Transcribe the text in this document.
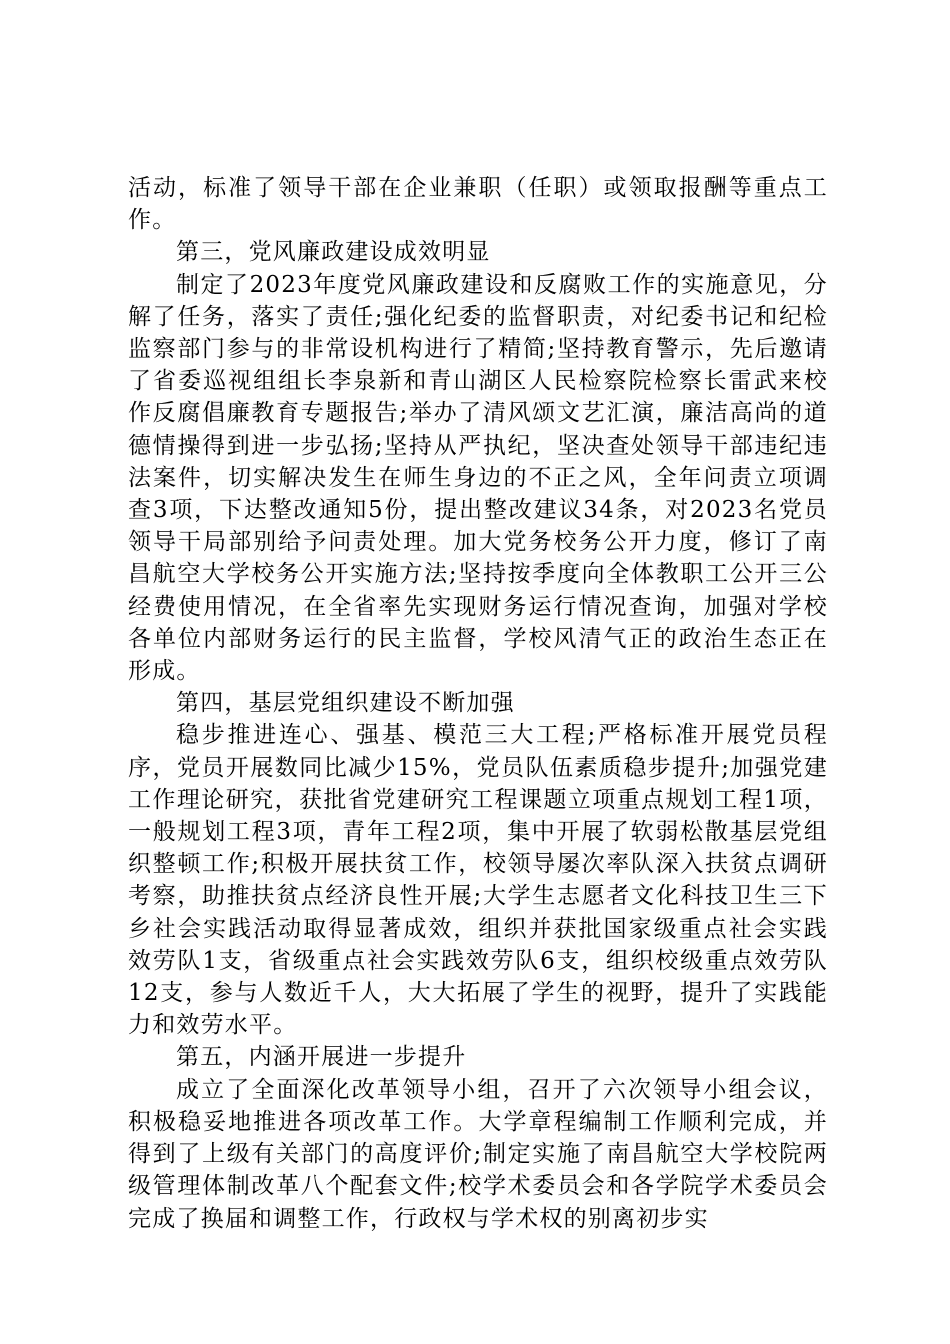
活动，标准了领导干部在企业兼职（任职）或领取报酬等重点工作。

第三，党风廉政建设成效明显

制定了2023年度党风廉政建设和反腐败工作的实施意见，分解了任务，落实了责任;强化纪委的监督职责，对纪委书记和纪检监察部门参与的非常设机构进行了精简;坚持教育警示，先后邀请了省委巡视组组长李泉新和青山湖区人民检察院检察长雷武来校作反腐倡廉教育专题报告;举办了清风颂文艺汇演，廉洁高尚的道德情操得到进一步弘扬;坚持从严执纪，坚决查处领导干部违纪违法案件，切实解决发生在师生身边的不正之风，全年问责立项调查3项，下达整改通知5份，提出整改建议34条，对2023名党员领导干局部别给予问责处理。加大党务校务公开力度，修订了南昌航空大学校务公开实施方法;坚持按季度向全体教职工公开三公经费使用情况，在全省率先实现财务运行情况查询，加强对学校各单位内部财务运行的民主监督，学校风清气正的政治生态正在形成。

第四，基层党组织建设不断加强

稳步推进连心、强基、模范三大工程;严格标准开展党员程序，党员开展数同比减少15%，党员队伍素质稳步提升;加强党建工作理论研究，获批省党建研究工程课题立项重点规划工程1项，一般规划工程3项，青年工程2项，集中开展了软弱松散基层党组织整顿工作;积极开展扶贫工作，校领导屡次率队深入扶贫点调研考察，助推扶贫点经济良性开展;大学生志愿者文化科技卫生三下乡社会实践活动取得显著成效，组织并获批国家级重点社会实践效劳队1支，省级重点社会实践效劳队6支，组织校级重点效劳队12支，参与人数近千人，大大拓展了学生的视野，提升了实践能力和效劳水平。

第五，内涵开展进一步提升

成立了全面深化改革领导小组，召开了六次领导小组会议，积极稳妥地推进各项改革工作。大学章程编制工作顺利完成，并得到了上级有关部门的高度评价;制定实施了南昌航空大学校院两级管理体制改革八个配套文件;校学术委员会和各学院学术委员会完成了换届和调整工作，行政权与学术权的别离初步实
